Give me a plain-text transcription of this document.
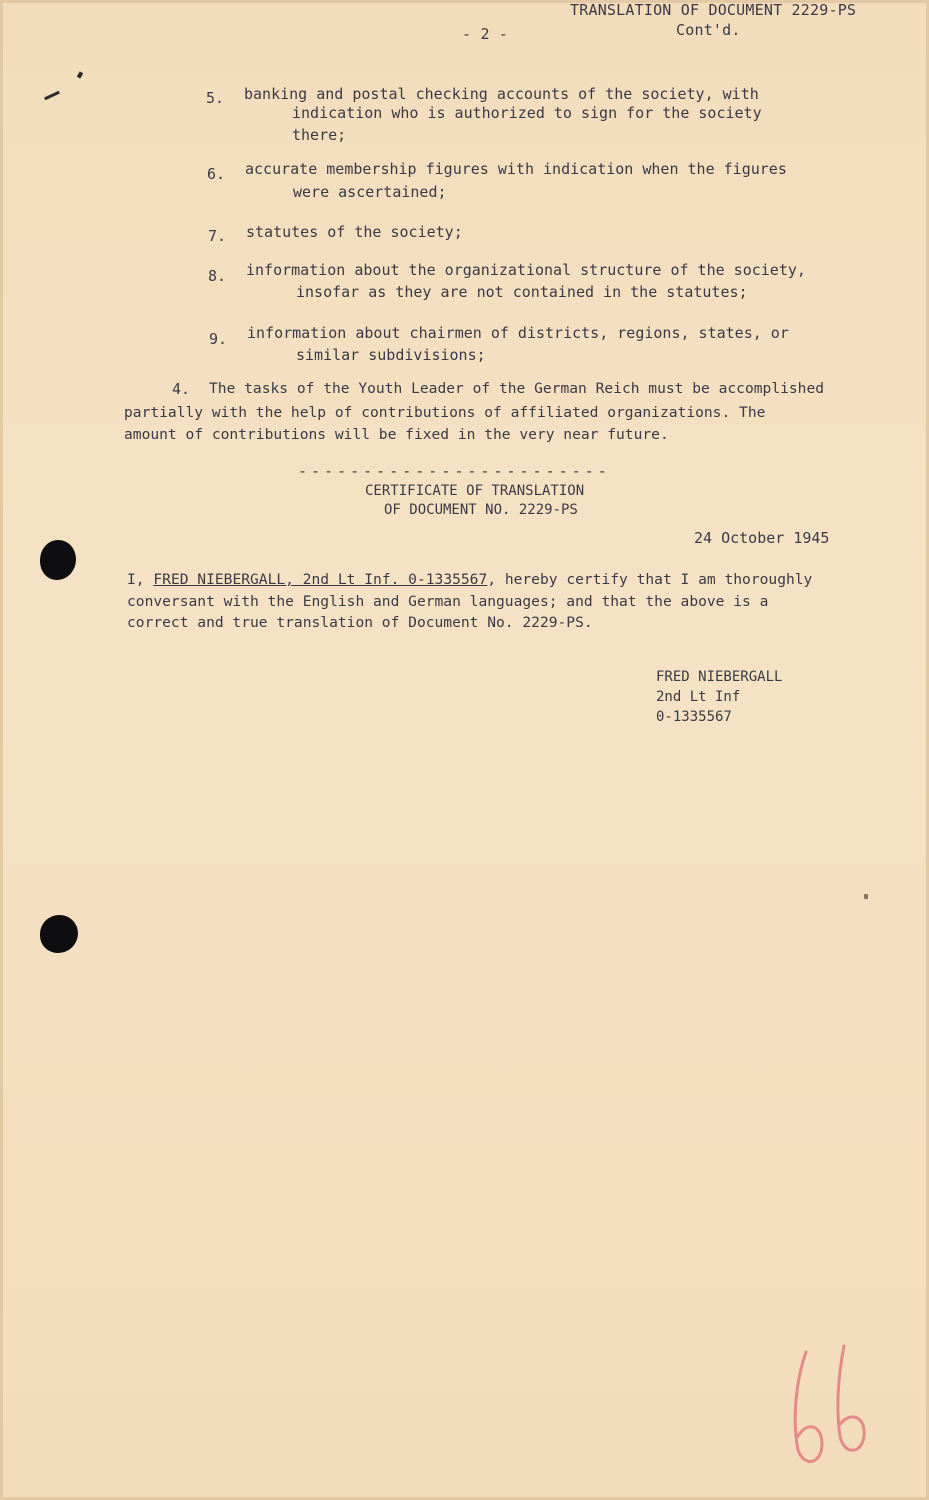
TRANSLATION OF DOCUMENT 2229-PS
Cont'd.
- 2 -
5. banking and postal checking accounts of the society, with
indication who is authorized to sign for the society
there;
6. accurate membership figures with indication when the figures
were ascertained;
7. statutes of the society;
8. information about the organizational structure of the society,
insofar as they are not contained in the statutes;
9. information about chairmen of districts, regions, states, or
similar subdivisions;
4. The tasks of the Youth Leader of the German Reich must be accomplished
partially with the help of contributions of affiliated organizations. The
amount of contributions will be fixed in the very near future.
------------------------
CERTIFICATE OF TRANSLATION
OF DOCUMENT NO. 2229-PS
24 October 1945
I, FRED NIEBERGALL, 2nd Lt Inf. 0-1335567, hereby certify that I am thoroughly
conversant with the English and German languages; and that the above is a
correct and true translation of Document No. 2229-PS.
FRED NIEBERGALL
2nd Lt Inf
0-1335567
